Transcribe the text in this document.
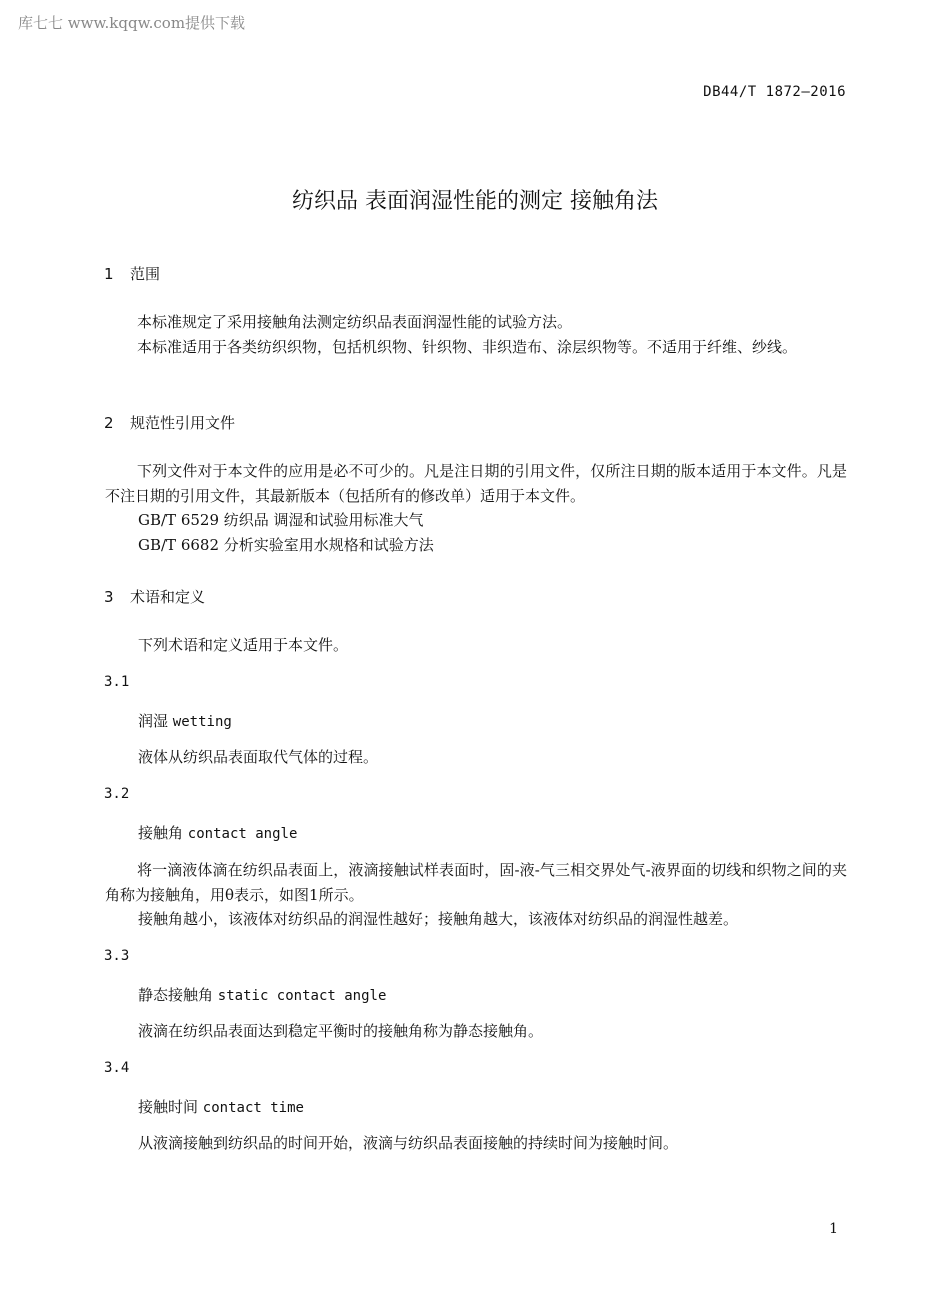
库七七 www.kqqw.com提供下载
DB44/T 1872—2016
纺织品 表面润湿性能的测定 接触角法
1 范围
本标准规定了采用接触角法测定纺织品表面润湿性能的试验方法。
本标准适用于各类纺织织物，包括机织物、针织物、非织造布、涂层织物等。不适用于纤维、纱线。
2 规范性引用文件
下列文件对于本文件的应用是必不可少的。凡是注日期的引用文件，仅所注日期的版本适用于本文件。凡是不注日期的引用文件，其最新版本（包括所有的修改单）适用于本文件。
GB/T 6529 纺织品 调湿和试验用标准大气
GB/T 6682 分析实验室用水规格和试验方法
3 术语和定义
下列术语和定义适用于本文件。
3.1
润湿 wetting
液体从纺织品表面取代气体的过程。
3.2
接触角 contact angle
将一滴液体滴在纺织品表面上，液滴接触试样表面时，固-液-气三相交界处气-液界面的切线和织物之间的夹角称为接触角，用θ表示，如图1所示。
接触角越小，该液体对纺织品的润湿性越好；接触角越大，该液体对纺织品的润湿性越差。
3.3
静态接触角 static contact angle
液滴在纺织品表面达到稳定平衡时的接触角称为静态接触角。
3.4
接触时间 contact time
从液滴接触到纺织品的时间开始，液滴与纺织品表面接触的持续时间为接触时间。
1
